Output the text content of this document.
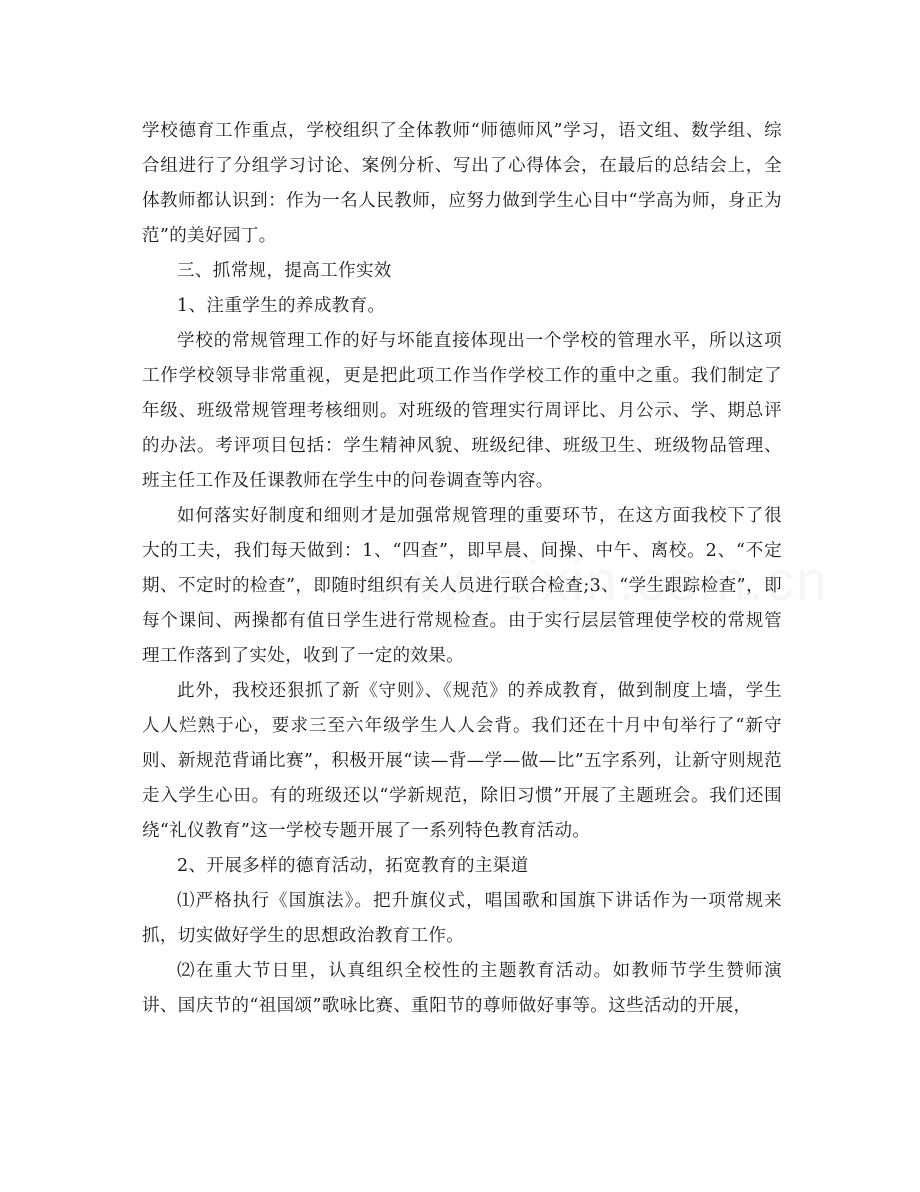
学校德育工作重点，学校组织了全体教师“师德师风”学习，语文组、数学组、综合组进行了分组学习讨论、案例分析、写出了心得体会，在最后的总结会上，全体教师都认识到：作为一名人民教师，应努力做到学生心目中“学高为师，身正为范”的美好园丁。

三、抓常规，提高工作实效

1、注重学生的养成教育。

学校的常规管理工作的好与坏能直接体现出一个学校的管理水平，所以这项工作学校领导非常重视，更是把此项工作当作学校工作的重中之重。我们制定了年级、班级常规管理考核细则。对班级的管理实行周评比、月公示、学、期总评的办法。考评项目包括：学生精神风貌、班级纪律、班级卫生、班级物品管理、班主任工作及任课教师在学生中的问卷调查等内容。

如何落实好制度和细则才是加强常规管理的重要环节，在这方面我校下了很大的工夫，我们每天做到：1、“四查”，即早晨、间操、中午、离校。2、“不定期、不定时的检查”，即随时组织有关人员进行联合检查;3、“学生跟踪检查”，即每个课间、两操都有值日学生进行常规检查。由于实行层层管理使学校的常规管理工作落到了实处，收到了一定的效果。

此外，我校还狠抓了新《守则》、《规范》的养成教育，做到制度上墙，学生人人烂熟于心，要求三至六年级学生人人会背。我们还在十月中旬举行了“新守则、新规范背诵比赛”，积极开展“读—背—学—做—比”五字系列，让新守则规范走入学生心田。有的班级还以“学新规范，除旧习惯”开展了主题班会。我们还围绕“礼仪教育”这一学校专题开展了一系列特色教育活动。

2、开展多样的德育活动，拓宽教育的主渠道

⑴严格执行《国旗法》。把升旗仪式，唱国歌和国旗下讲话作为一项常规来抓，切实做好学生的思想政治教育工作。

⑵在重大节日里，认真组织全校性的主题教育活动。如教师节学生赞师演讲、国庆节的“祖国颂”歌咏比赛、重阳节的尊师做好事等。这些活动的开展，
